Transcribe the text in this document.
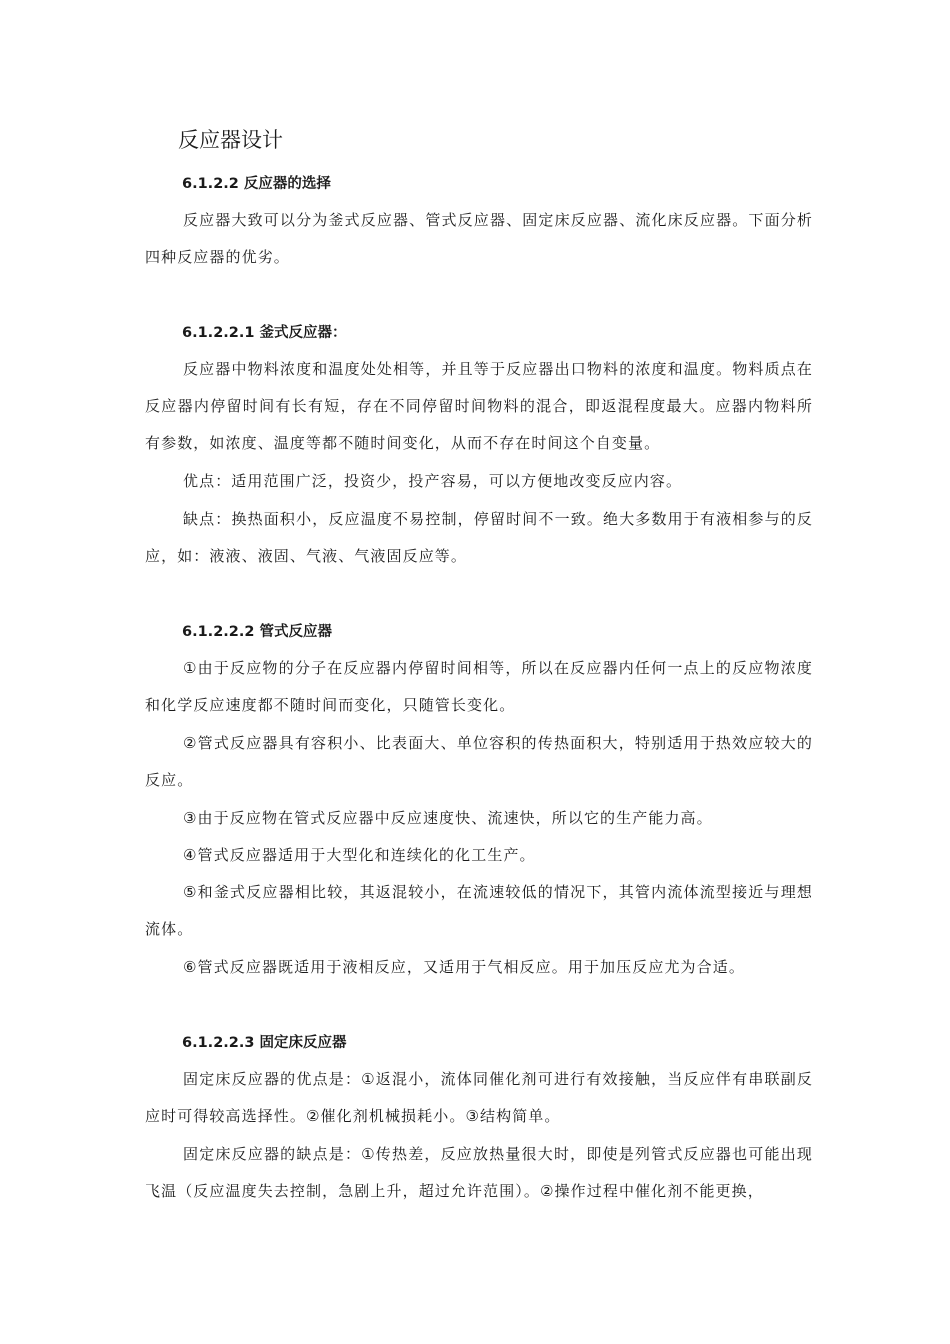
反应器设计
6.1.2.2 反应器的选择
反应器大致可以分为釜式反应器、管式反应器、固定床反应器、流化床反应器。下面分析四种反应器的优劣。
6.1.2.2.1 釜式反应器：
反应器中物料浓度和温度处处相等，并且等于反应器出口物料的浓度和温度。物料质点在反应器内停留时间有长有短，存在不同停留时间物料的混合，即返混程度最大。应器内物料所有参数，如浓度、温度等都不随时间变化，从而不存在时间这个自变量。
优点：适用范围广泛，投资少，投产容易，可以方便地改变反应内容。
缺点：换热面积小，反应温度不易控制，停留时间不一致。绝大多数用于有液相参与的反应，如：液液、液固、气液、气液固反应等。
6.1.2.2.2 管式反应器
①由于反应物的分子在反应器内停留时间相等，所以在反应器内任何一点上的反应物浓度和化学反应速度都不随时间而变化，只随管长变化。
②管式反应器具有容积小、比表面大、单位容积的传热面积大，特别适用于热效应较大的反应。
③由于反应物在管式反应器中反应速度快、流速快，所以它的生产能力高。
④管式反应器适用于大型化和连续化的化工生产。
⑤和釜式反应器相比较，其返混较小，在流速较低的情况下，其管内流体流型接近与理想流体。
⑥管式反应器既适用于液相反应，又适用于气相反应。用于加压反应尤为合适。
6.1.2.2.3 固定床反应器
固定床反应器的优点是：①返混小，流体同催化剂可进行有效接触，当反应伴有串联副反应时可得较高选择性。②催化剂机械损耗小。③结构简单。
固定床反应器的缺点是：①传热差，反应放热量很大时，即使是列管式反应器也可能出现飞温（反应温度失去控制，急剧上升，超过允许范围）。②操作过程中催化剂不能更换，
